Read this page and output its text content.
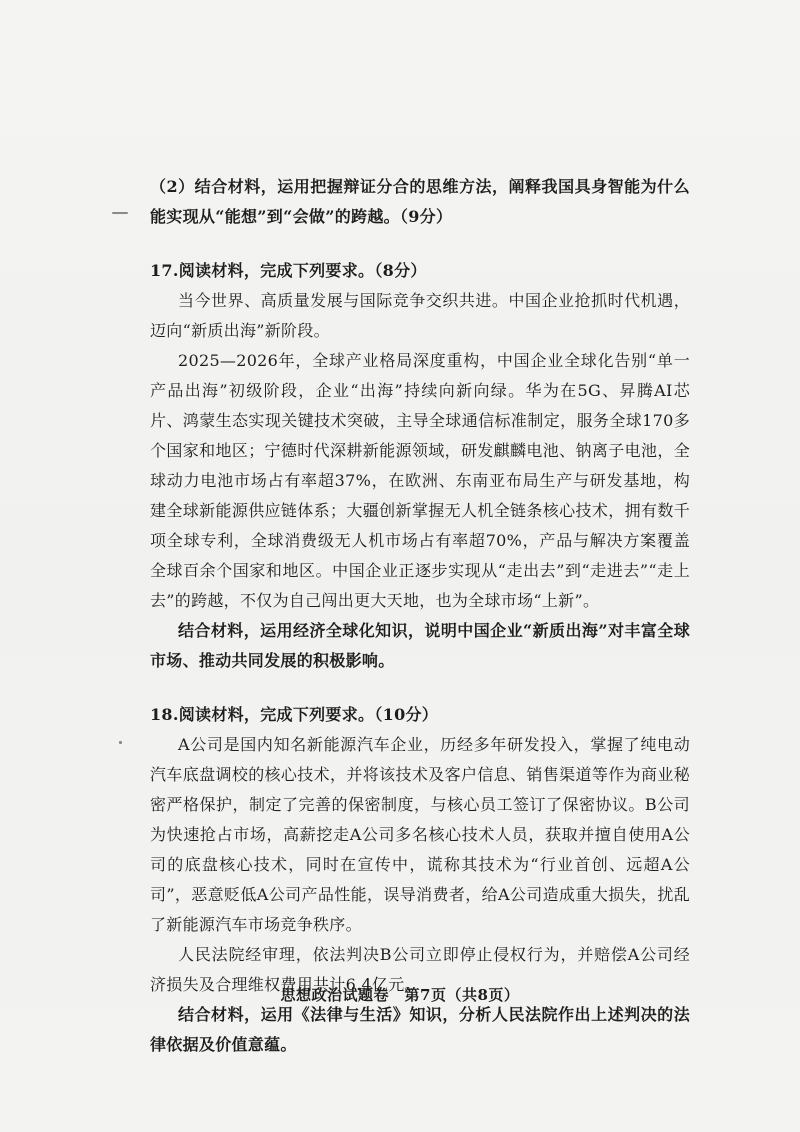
（2）结合材料，运用把握辩证分合的思维方法，阐释我国具身智能为什么能实现从“能想”到“会做”的跨越。（9分）

17.阅读材料，完成下列要求。（8分）

当今世界、高质量发展与国际竞争交织共进。中国企业抢抓时代机遇，迈向“新质出海”新阶段。

2025—2026年，全球产业格局深度重构，中国企业全球化告别“单一产品出海”初级阶段，企业“出海”持续向新向绿。华为在5G、昇腾AI芯片、鸿蒙生态实现关键技术突破，主导全球通信标准制定，服务全球170多个国家和地区；宁德时代深耕新能源领域，研发麒麟电池、钠离子电池，全球动力电池市场占有率超37%，在欧洲、东南亚布局生产与研发基地，构建全球新能源供应链体系；大疆创新掌握无人机全链条核心技术，拥有数千项全球专利，全球消费级无人机市场占有率超70%，产品与解决方案覆盖全球百余个国家和地区。中国企业正逐步实现从“走出去”到“走进去”“走上去”的跨越，不仅为自己闯出更大天地，也为全球市场“上新”。

结合材料，运用经济全球化知识，说明中国企业“新质出海”对丰富全球市场、推动共同发展的积极影响。

18.阅读材料，完成下列要求。（10分）

A公司是国内知名新能源汽车企业，历经多年研发投入，掌握了纯电动汽车底盘调校的核心技术，并将该技术及客户信息、销售渠道等作为商业秘密严格保护，制定了完善的保密制度，与核心员工签订了保密协议。B公司为快速抢占市场，高薪挖走A公司多名核心技术人员，获取并擅自使用A公司的底盘核心技术，同时在宣传中，谎称其技术为“行业首创、远超A公司”，恶意贬低A公司产品性能，误导消费者，给A公司造成重大损失，扰乱了新能源汽车市场竞争秩序。

人民法院经审理，依法判决B公司立即停止侵权行为，并赔偿A公司经济损失及合理维权费用共计6.4亿元。

结合材料，运用《法律与生活》知识，分析人民法院作出上述判决的法律依据及价值意蕴。

思想政治试题卷　第7页（共8页）
